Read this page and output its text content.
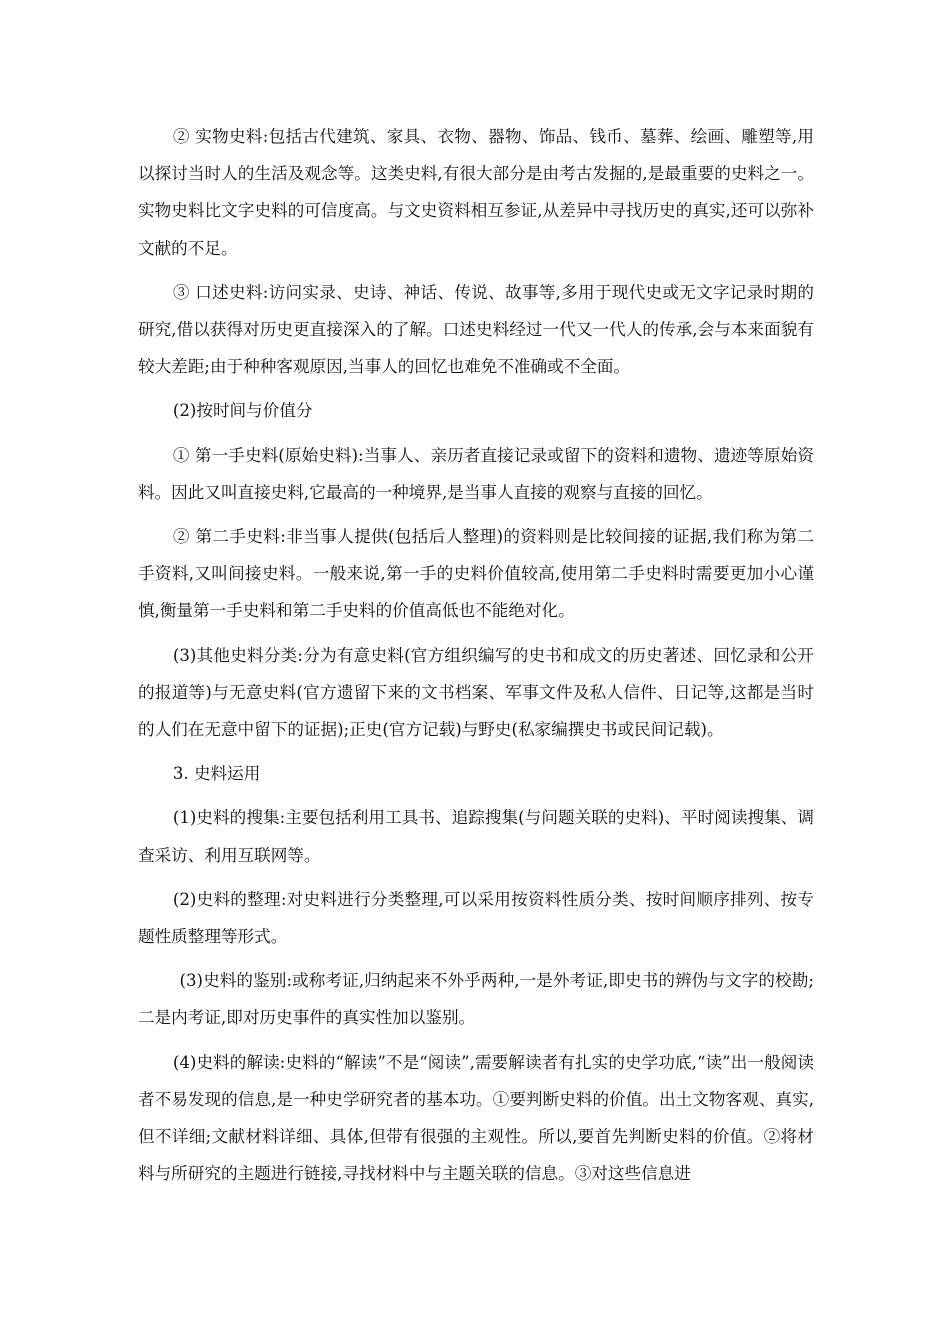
② 实物史料:包括古代建筑、家具、衣物、器物、饰品、钱币、墓葬、绘画、雕塑等,用以探讨当时人的生活及观念等。这类史料,有很大部分是由考古发掘的,是最重要的史料之一。实物史料比文字史料的可信度高。与文史资料相互参证,从差异中寻找历史的真实,还可以弥补文献的不足。

③ 口述史料:访问实录、史诗、神话、传说、故事等,多用于现代史或无文字记录时期的研究,借以获得对历史更直接深入的了解。口述史料经过一代又一代人的传承,会与本来面貌有较大差距;由于种种客观原因,当事人的回忆也难免不准确或不全面。

(2)按时间与价值分

① 第一手史料(原始史料):当事人、亲历者直接记录或留下的资料和遗物、遗迹等原始资料。因此又叫直接史料,它最高的一种境界,是当事人直接的观察与直接的回忆。

② 第二手史料:非当事人提供(包括后人整理)的资料则是比较间接的证据,我们称为第二手资料,又叫间接史料。一般来说,第一手的史料价值较高,使用第二手史料时需要更加小心谨慎,衡量第一手史料和第二手史料的价值高低也不能绝对化。

(3)其他史料分类:分为有意史料(官方组织编写的史书和成文的历史著述、回忆录和公开的报道等)与无意史料(官方遗留下来的文书档案、军事文件及私人信件、日记等,这都是当时的人们在无意中留下的证据);正史(官方记载)与野史(私家编撰史书或民间记载)。

3. 史料运用

(1)史料的搜集:主要包括利用工具书、追踪搜集(与问题关联的史料)、平时阅读搜集、调查采访、利用互联网等。

(2)史料的整理:对史料进行分类整理,可以采用按资料性质分类、按时间顺序排列、按专题性质整理等形式。

(3)史料的鉴别:或称考证,归纳起来不外乎两种,一是外考证,即史书的辨伪与文字的校勘;二是内考证,即对历史事件的真实性加以鉴别。

(4)史料的解读:史料的“解读”不是“阅读”,需要解读者有扎实的史学功底,“读”出一般阅读者不易发现的信息,是一种史学研究者的基本功。①要判断史料的价值。出土文物客观、真实,但不详细;文献材料详细、具体,但带有很强的主观性。所以,要首先判断史料的价值。②将材料与所研究的主题进行链接,寻找材料中与主题关联的信息。③对这些信息进
